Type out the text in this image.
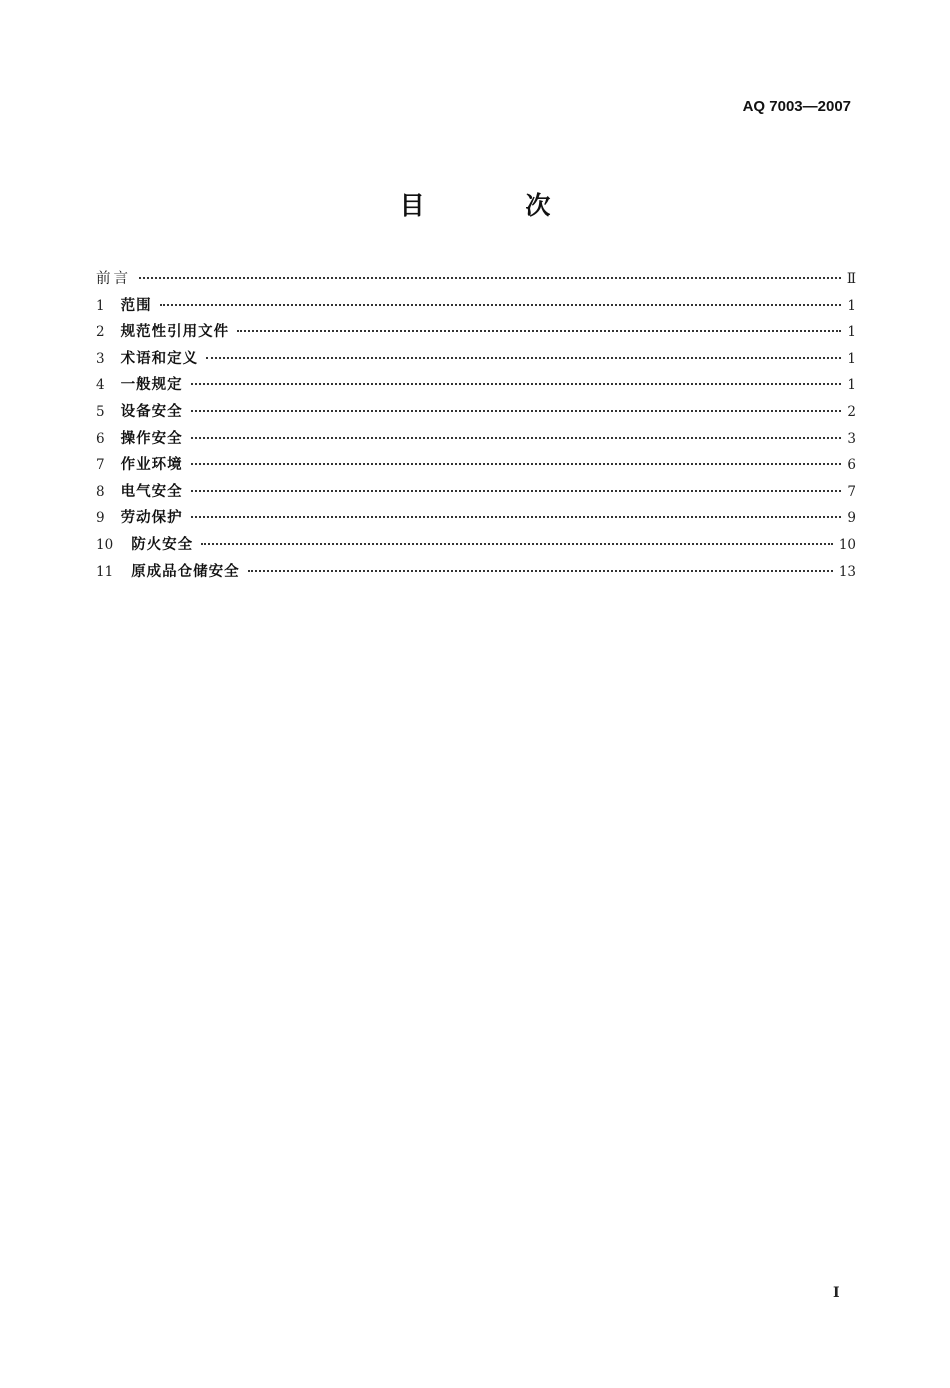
AQ 7003—2007
目 次
前言	Ⅱ
1 范围	1
2 规范性引用文件	1
3 术语和定义	1
4 一般规定	1
5 设备安全	2
6 操作安全	3
7 作业环境	6
8 电气安全	7
9 劳动保护	9
10 防火安全	10
11 原成品仓储安全	13
I
